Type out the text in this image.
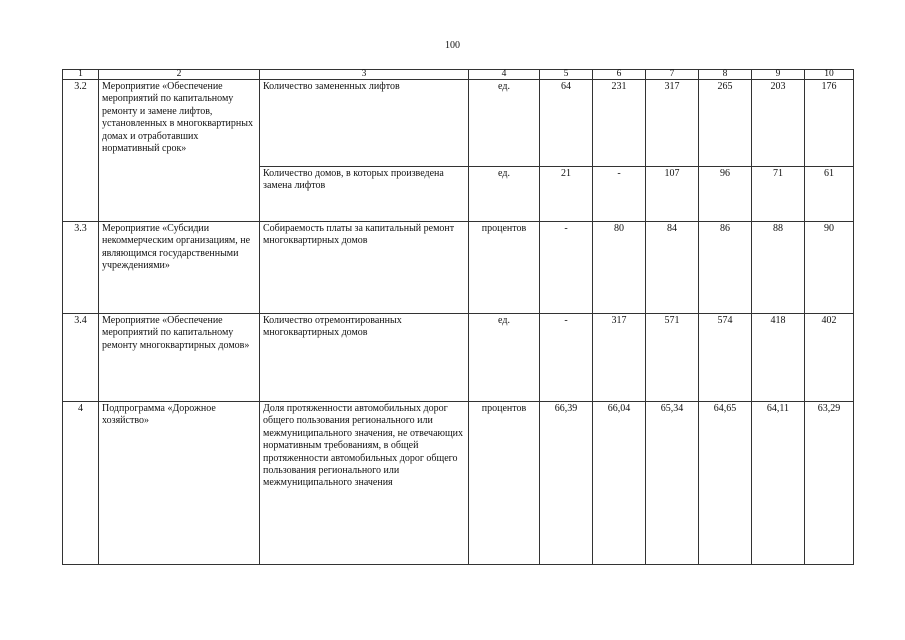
100
1	2	3	4	5	6	7	8	9	10
3.2	Мероприятие «Обеспечение мероприятий по капитальному ремонту и замене лифтов, установленных в многоквартирных домах и отработавших нормативный срок»	Количество замененных лифтов	ед.	64	231	317	265	203	176
		Количество домов, в которых произведена замена лифтов	ед.	21	-	107	96	71	61
3.3	Мероприятие «Субсидии некоммерческим организациям, не являющимся государственными учреждениями»	Собираемость платы за капитальный ремонт многоквартирных домов	процентов	-	80	84	86	88	90
3.4	Мероприятие «Обеспечение мероприятий по капитальному ремонту многоквартирных домов»	Количество отремонтированных многоквартирных домов	ед.	-	317	571	574	418	402
4	Подпрограмма «Дорожное хозяйство»	Доля протяженности автомобильных дорог общего пользования регионального или межмуниципального значения, не отвечающих нормативным требованиям, в общей протяженности автомобильных дорог общего пользования регионального или межмуниципального значения	процентов	66,39	66,04	65,34	64,65	64,11	63,29
